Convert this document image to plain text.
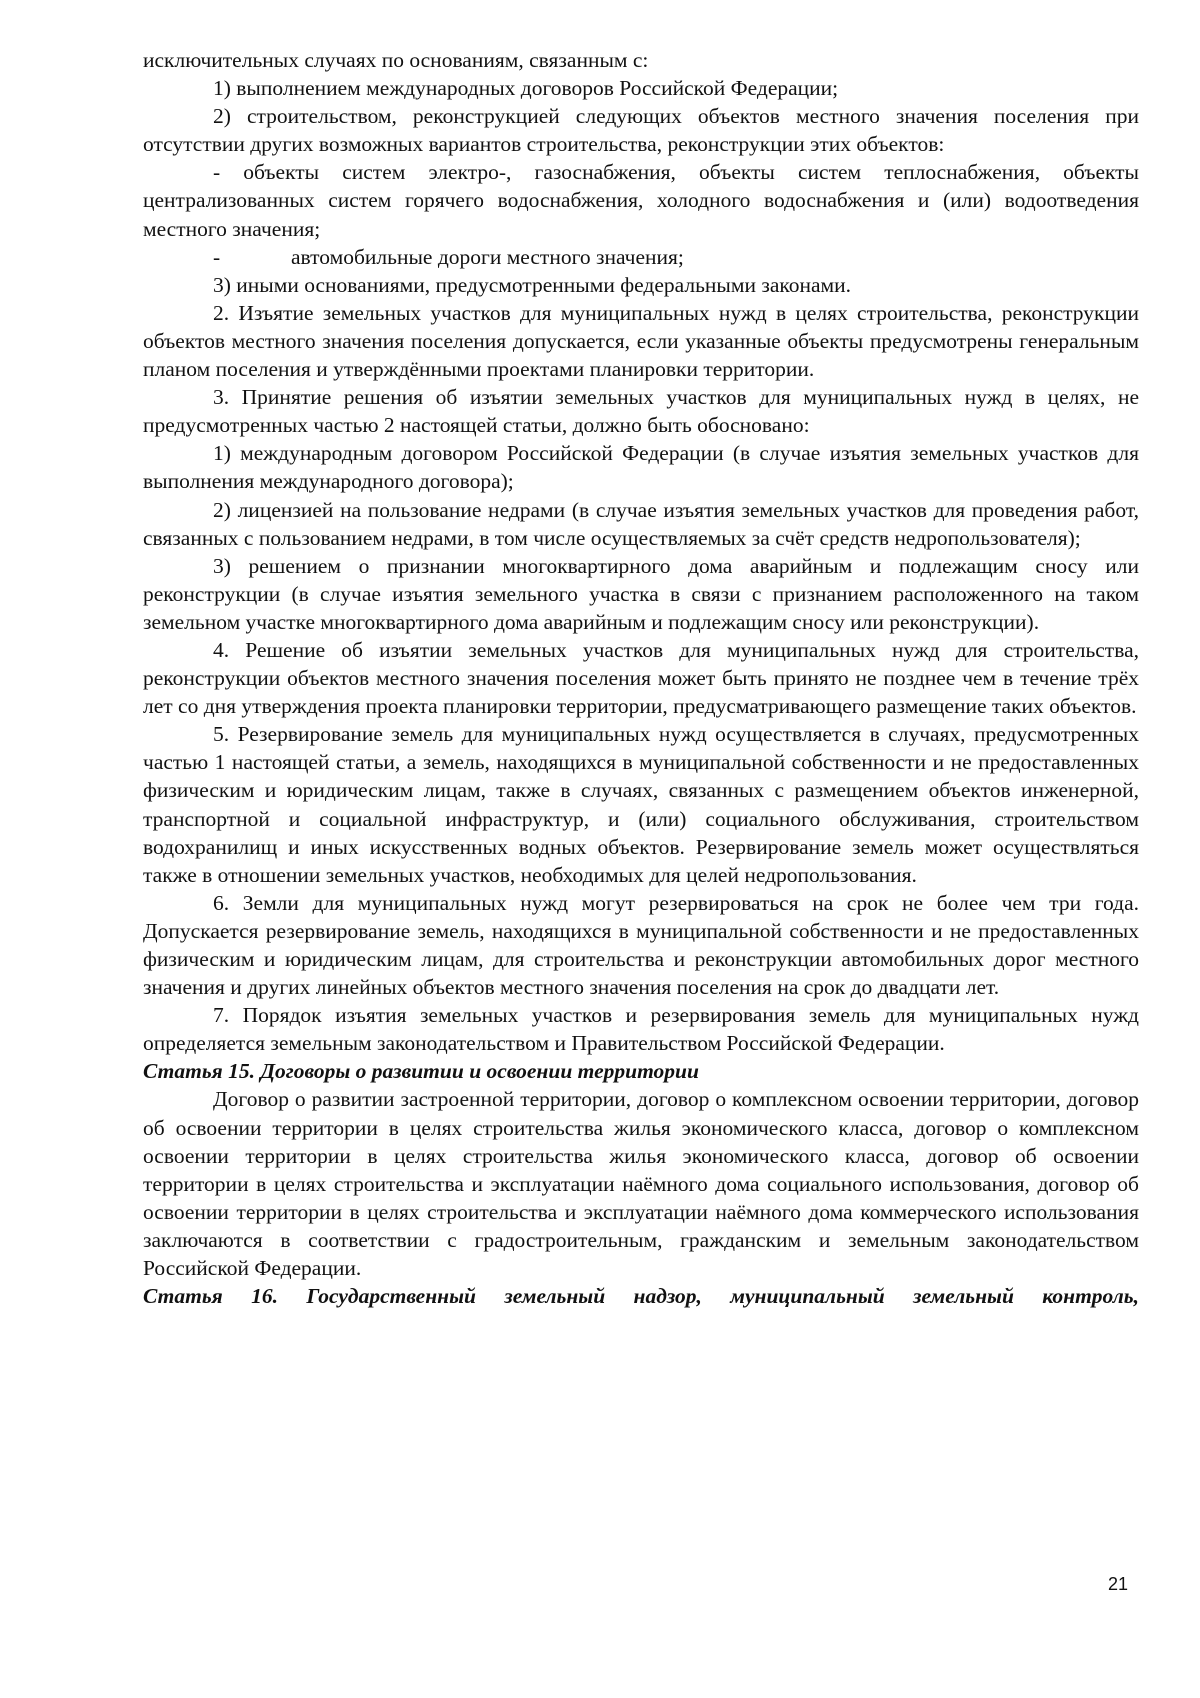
исключительных случаях по основаниям, связанным с:

1) выполнением международных договоров Российской Федерации;

2) строительством, реконструкцией следующих объектов местного значения поселения при отсутствии других возможных вариантов строительства, реконструкции этих объектов:

- объекты систем электро-, газоснабжения, объекты систем теплоснабжения, объекты централизованных систем горячего водоснабжения, холодного водоснабжения и (или) водоотведения местного значения;

-	автомобильные дороги местного значения;

3) иными основаниями, предусмотренными федеральными законами.

2. Изъятие земельных участков для муниципальных нужд в целях строительства, реконструкции объектов местного значения поселения допускается, если указанные объекты предусмотрены генеральным планом поселения и утверждёнными проектами планировки территории.

3. Принятие решения об изъятии земельных участков для муниципальных нужд в целях, не предусмотренных частью 2 настоящей статьи, должно быть обосновано:

1) международным договором Российской Федерации (в случае изъятия земельных участков для выполнения международного договора);

2) лицензией на пользование недрами (в случае изъятия земельных участков для проведения работ, связанных с пользованием недрами, в том числе осуществляемых за счёт средств недропользователя);

3) решением о признании многоквартирного дома аварийным и подлежащим сносу или реконструкции (в случае изъятия земельного участка в связи с признанием расположенного на таком земельном участке многоквартирного дома аварийным и подлежащим сносу или реконструкции).

4. Решение об изъятии земельных участков для муниципальных нужд для строительства, реконструкции объектов местного значения поселения может быть принято не позднее чем в течение трёх лет со дня утверждения проекта планировки территории, предусматривающего размещение таких объектов.

5. Резервирование земель для муниципальных нужд осуществляется в случаях, предусмотренных частью 1 настоящей статьи, а земель, находящихся в муниципальной собственности и не предоставленных физическим и юридическим лицам, также в случаях, связанных с размещением объектов инженерной, транспортной и социальной инфраструктур, и (или) социального обслуживания, строительством водохранилищ и иных искусственных водных объектов. Резервирование земель может осуществляться также в отношении земельных участков, необходимых для целей недропользования.

6. Земли для муниципальных нужд могут резервироваться на срок не более чем три года. Допускается резервирование земель, находящихся в муниципальной собственности и не предоставленных физическим и юридическим лицам, для строительства и реконструкции автомобильных дорог местного значения и других линейных объектов местного значения поселения на срок до двадцати лет.

7. Порядок изъятия земельных участков и резервирования земель для муниципальных нужд определяется земельным законодательством и Правительством Российской Федерации.

Статья 15. Договоры о развитии и освоении территории

Договор о развитии застроенной территории, договор о комплексном освоении территории, договор об освоении территории в целях строительства жилья экономического класса, договор о комплексном освоении территории в целях строительства жилья экономического класса, договор об освоении территории в целях строительства и эксплуатации наёмного дома социального использования, договор об освоении территории в целях строительства и эксплуатации наёмного дома коммерческого использования заключаются в соответствии с градостроительным, гражданским и земельным законодательством Российской Федерации.

Статья 16. Государственный земельный надзор, муниципальный земельный контроль,

21
